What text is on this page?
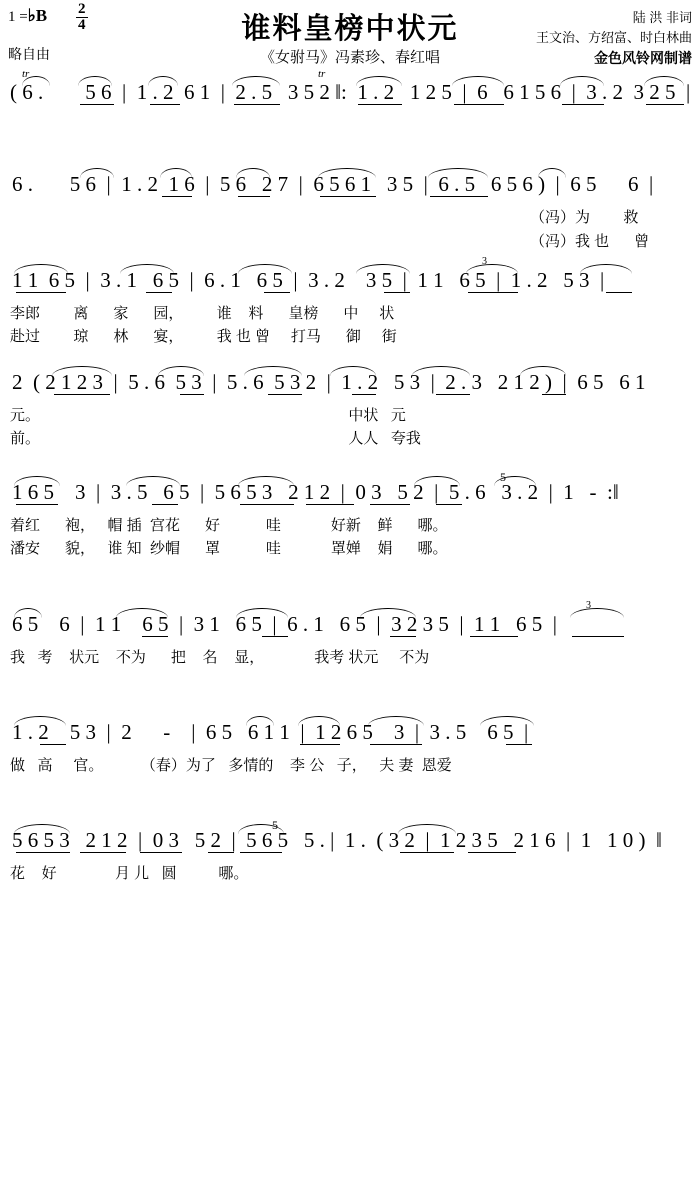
1 =♭B $\frac{2}{4}$
略自由
谁料皇榜中状元
《女驸马》冯素珍、春红唱
陆 洪 非词
王文治、方绍富、时白林曲
金色风铃网制谱

( 6 .        5 6  |  1 . 2  6 1  |  2 . 5   3 5 2 ‖:  1 . 2   1 2 5  |  6   6 1 5 6  |  3 . 2  3 2 5  |

tr

	tr

6 .       5 6  |  1 . 2  1 6  |  5 6   2 7  |  6 5 6 1   3 5  |  6 . 5   6 5 6 )  |  6 5      6  |

（冯）为        救
（冯）我 也      曾

1 1  6 5  |  3 . 1   6 5  |  6 . 1   6 5  |  3 . 2    3 5  |  1 1   6 5  |  1 . 2   5 3  |

3

李郎        离      家      园，        谁    料      皇榜      中     状
赴过        琼      林      宴，        我 也 曾     打马      御     街

2  ( 2 1 2 3  |  5 . 6  5 3  |  5 . 6  5 3 2  |  1 . 2   5 3  |  2 . 3   2 1 2 )  |  6 5   6 1

元。                                                                          中状   元
前。                                                                          人人   夸我

1 6 5    3  |  3 . 5   6 5  |  5 6 5 3   2 1 2  |  0 3   5 2  |  5 . 6   3 . 2  |  1   -  :‖

5

着红      袍，   帽 插  宫花      好           哇            好新    鲜      哪。
潘安      貌，   谁 知  纱帽      罩           哇            罩婵    娟      哪。

6 5    6  |  1 1    6 5  |  3 1   6 5  |  6 . 1   6 5  |  3 2 3 5  |  1 1   6 5  |

3

我   考    状元    不为      把    名    显，            我考 状元     不为

1 . 2    5 3  |  2      -    |  6 5   6 1 1  |  1 2 6 5    3  |  3 . 5    6 5  |

做   高     官。         （春）为了   多情的    李 公   子，   夫 妻  恩爱

5 6 5 3   2 1 2  |  0 3   5 2  |  5 6 5   5 . |  1 .  ( 3 2  |  1 2 3 5   2 1 6  |  1   1 0 )  ‖

5

花    好              月 儿   圆          哪。
